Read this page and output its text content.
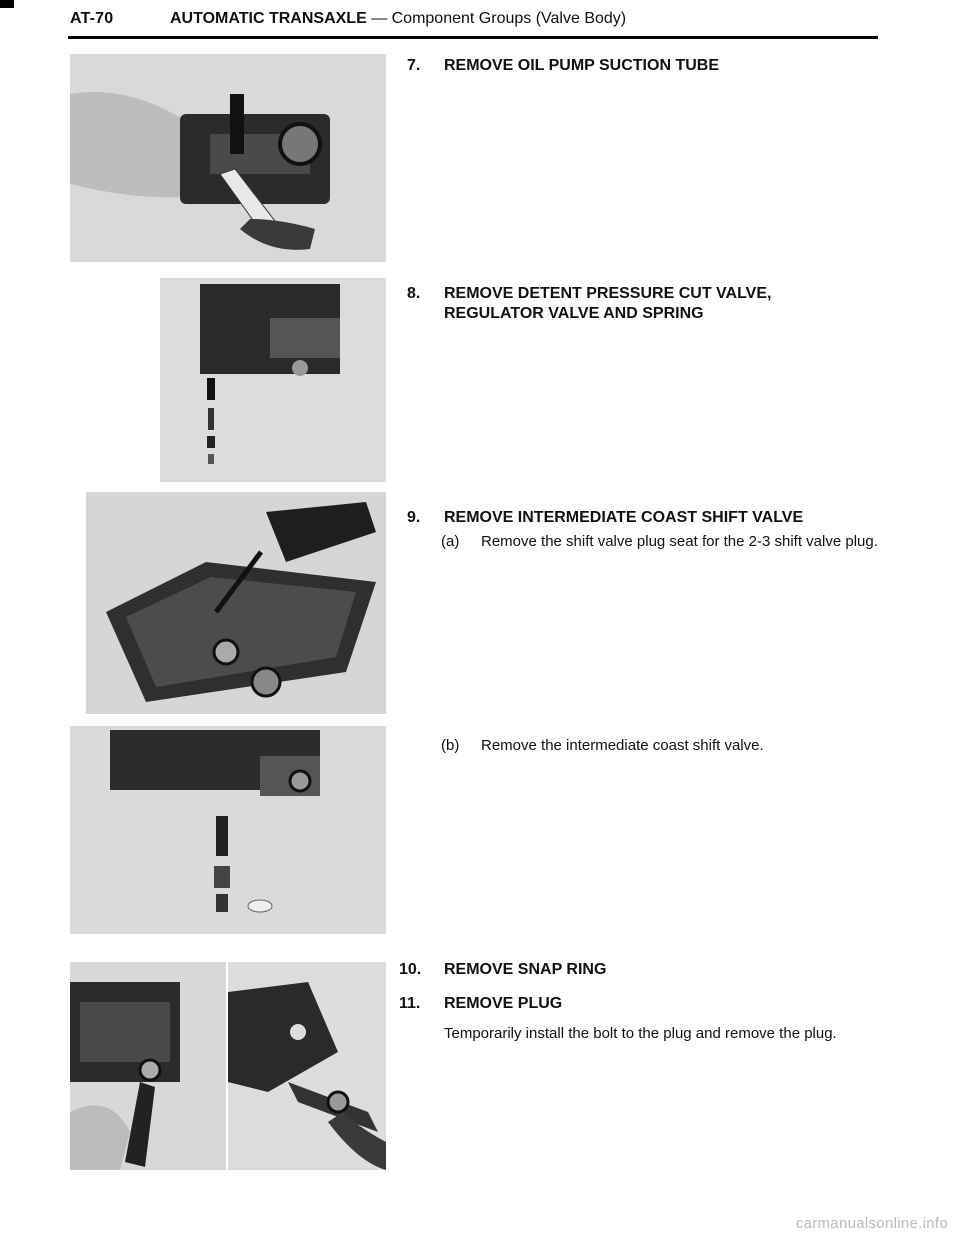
AT-70	AUTOMATIC TRANSAXLE — Component Groups (Valve Body)
7. REMOVE OIL PUMP SUCTION TUBE
8. REMOVE DETENT PRESSURE CUT VALVE,
REGULATOR VALVE AND SPRING
9. REMOVE INTERMEDIATE COAST SHIFT VALVE
(a)	Remove the shift valve plug seat for the 2-3 shift valve plug.
(b)	Remove the intermediate coast shift valve.
10. REMOVE SNAP RING
11. REMOVE PLUG
Temporarily install the bolt to the plug and remove the plug.
carmanualsonline.info
